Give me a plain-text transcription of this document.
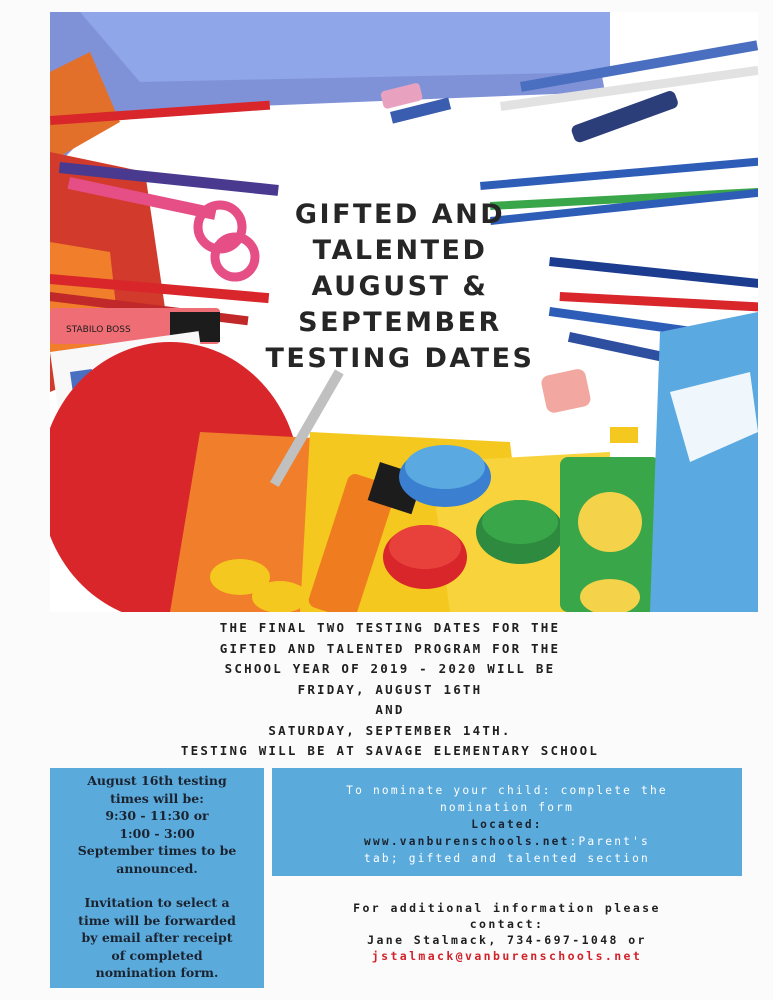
STABILO BOSS
GIFTED AND
TALENTED
AUGUST &
SEPTEMBER
TESTING DATES
THE FINAL TWO TESTING DATES FOR THE
GIFTED AND TALENTED PROGRAM FOR THE
SCHOOL YEAR OF 2019 - 2020 WILL BE
FRIDAY, AUGUST 16TH
AND
SATURDAY, SEPTEMBER 14TH.
TESTING WILL BE AT SAVAGE ELEMENTARY SCHOOL
August 16th testing
times will be:
9:30 - 11:30 or
1:00 - 3:00
September times to be
announced.
Invitation to select a
time will be forwarded
by email after receipt
of completed
nomination form.
To nominate your child: complete the
nomination form
Located:
www.vanburenschools.net:Parent's
tab; gifted and talented section
For additional information please
contact:
Jane Stalmack, 734-697-1048 or
jstalmack@vanburenschools.net
